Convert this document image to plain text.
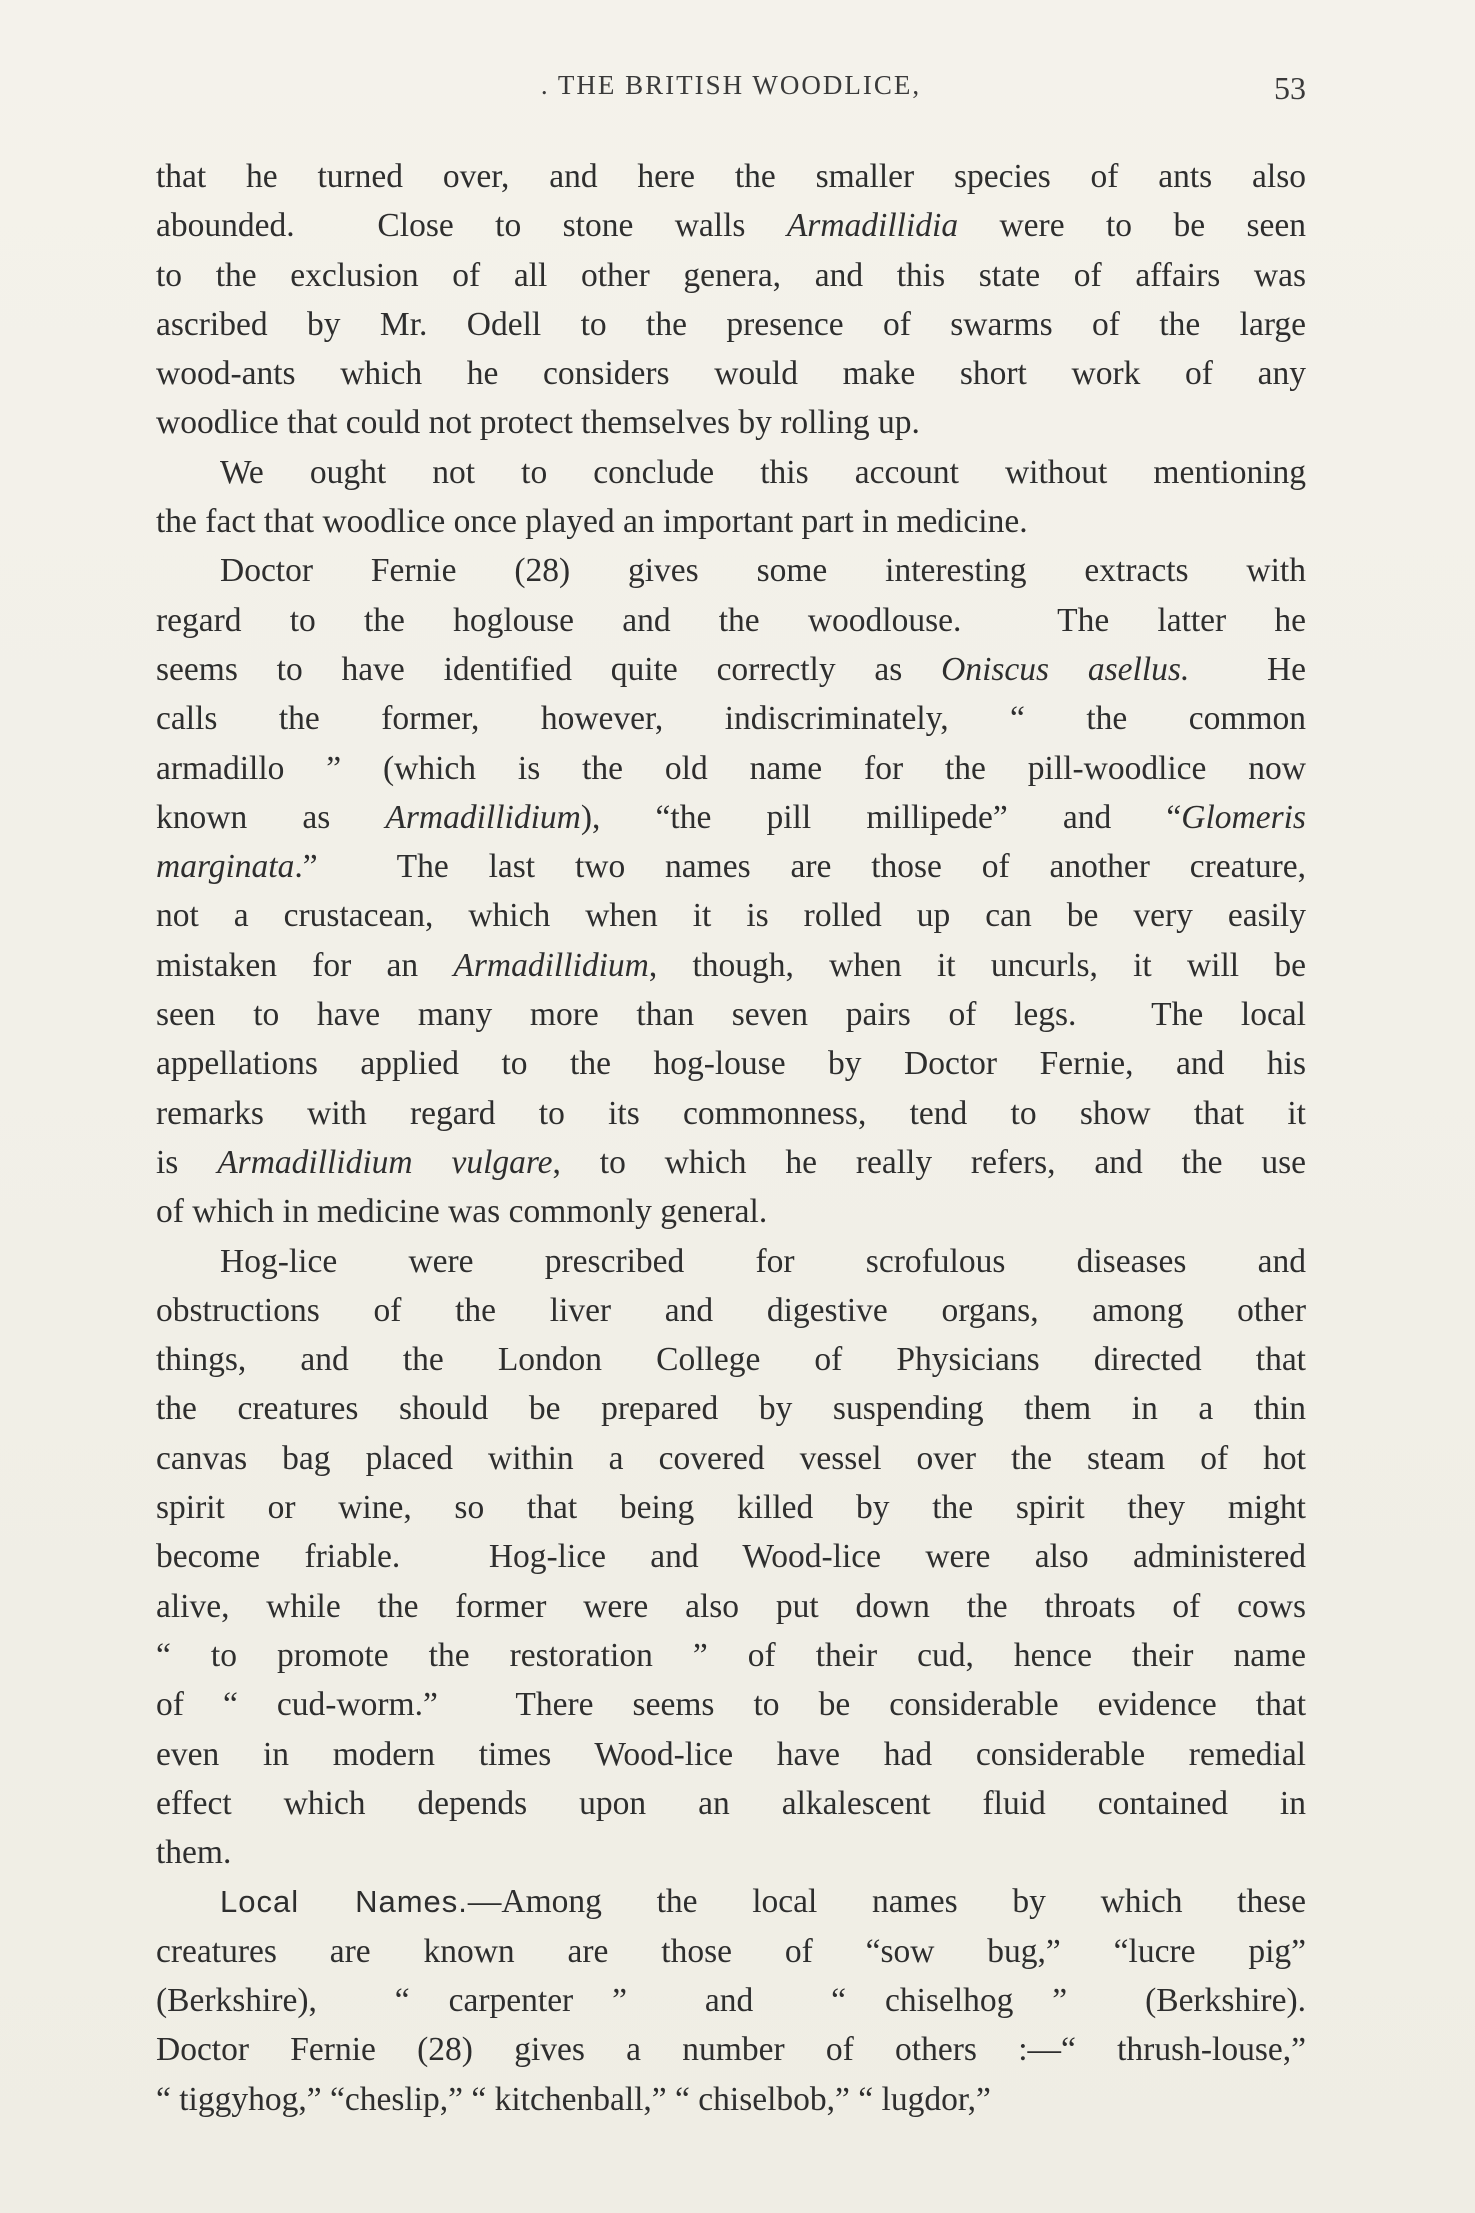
. THE BRITISH WOODLICE,	53
that he turned over, and here the smaller species of ants also
abounded.  Close to stone walls Armadillidia were to be seen
to the exclusion of all other genera, and this state of affairs was
ascribed by Mr. Odell to the presence of swarms of the large
wood-ants which he considers would make short work of any
woodlice that could not protect themselves by rolling up.
We ought not to conclude this account without mentioning
the fact that woodlice once played an important part in medicine.
Doctor Fernie (28) gives some interesting extracts with
regard to the hoglouse and the woodlouse.  The latter he
seems to have identified quite correctly as Oniscus asellus.  He
calls the former, however, indiscriminately, “ the common
armadillo ” (which is the old name for the pill-woodlice now
known as Armadillidium), “the pill millipede” and “Glomeris
marginata.”  The last two names are those of another creature,
not a crustacean, which when it is rolled up can be very easily
mistaken for an Armadillidium, though, when it uncurls, it will be
seen to have many more than seven pairs of legs.  The local
appellations applied to the hog-louse by Doctor Fernie, and his
remarks with regard to its commonness, tend to show that it
is Armadillidium vulgare, to which he really refers, and the use
of which in medicine was commonly general.
Hog-lice were prescribed for scrofulous diseases and
obstructions of the liver and digestive organs, among other
things, and the London College of Physicians directed that
the creatures should be prepared by suspending them in a thin
canvas bag placed within a covered vessel over the steam of hot
spirit or wine, so that being killed by the spirit they might
become friable.  Hog-lice and Wood-lice were also administered
alive, while the former were also put down the throats of cows
“ to promote the restoration ” of their cud, hence their name
of “ cud-worm.”  There seems to be considerable evidence that
even in modern times Wood-lice have had considerable remedial
effect which depends upon an alkalescent fluid contained in
them.
Local Names.—Among the local names by which these
creatures are known are those of “sow bug,” “lucre pig”
(Berkshire),  “ carpenter ”  and  “ chiselhog ”  (Berkshire).
Doctor Fernie (28) gives a number of others :—“ thrush-louse,”
“ tiggyhog,” “cheslip,” “ kitchenball,” “ chiselbob,” “ lugdor,”
